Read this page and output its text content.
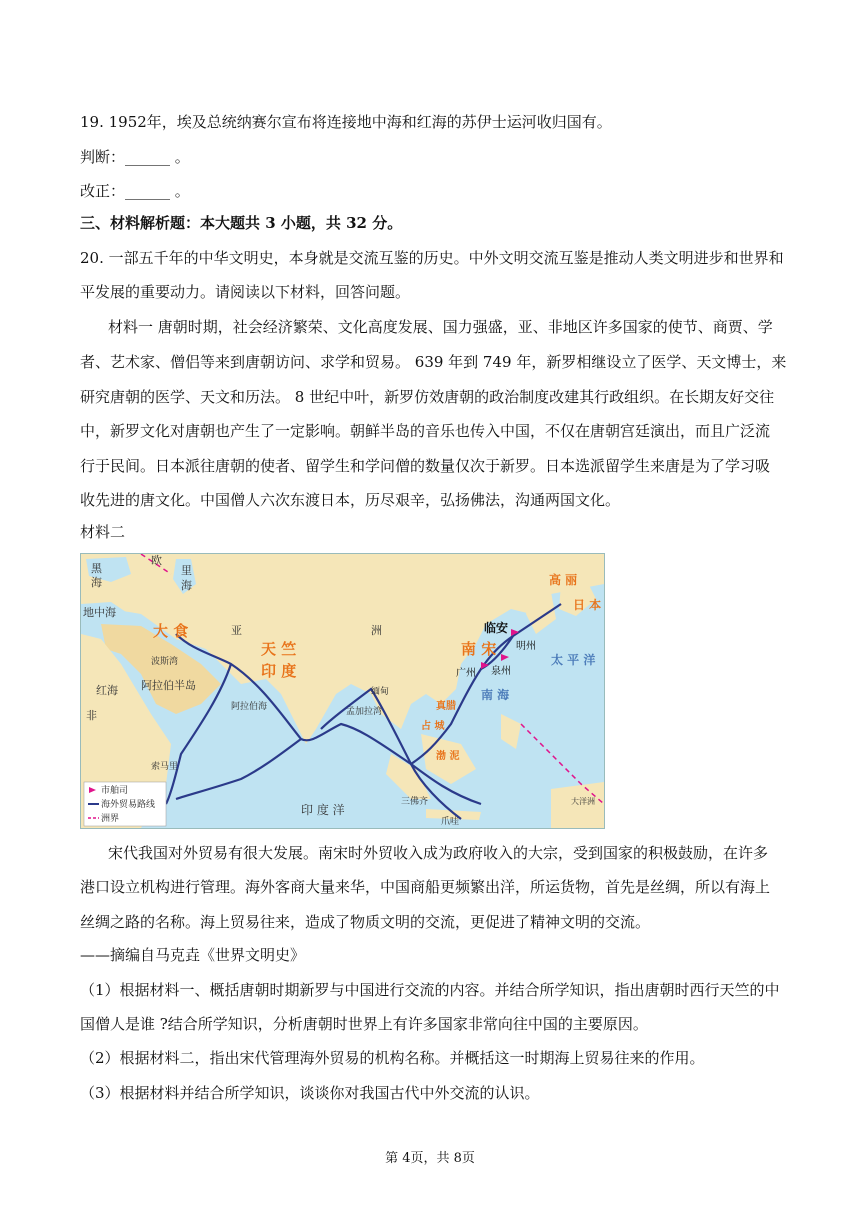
19. 1952年，埃及总统纳赛尔宣布将连接地中海和红海的苏伊士运河收归国有。
判断：______ 。
改正：______ 。
三、材料解析题：本大题共 3 小题，共 32 分。
20. 一部五千年的中华文明史，本身就是交流互鉴的历史。中外文明交流互鉴是推动人类文明进步和世界和
平发展的重要动力。请阅读以下材料，回答问题。
材料一 唐朝时期，社会经济繁荣、文化高度发展、国力强盛，亚、非地区许多国家的使节、商贾、学
者、艺术家、僧侣等来到唐朝访问、求学和贸易。 639 年到 749 年，新罗相继设立了医学、天文博士，来
研究唐朝的医学、天文和历法。 8 世纪中叶，新罗仿效唐朝的政治制度改建其行政组织。在长期友好交往
中，新罗文化对唐朝也产生了一定影响。朝鲜半岛的音乐也传入中国，不仅在唐朝宫廷演出，而且广泛流
行于民间。日本派往唐朝的使者、留学生和学问僧的数量仅次于新罗。日本选派留学生来唐是为了学习吸
收先进的唐文化。中国僧人六次东渡日本，历尽艰辛，弘扬佛法，沟通两国文化。
材料二
黑
海
欧
里
海
地中海
亚	洲
波斯湾
阿拉伯半岛
阿拉伯海
红海
非
索马里
孟加拉湾
缅甸
临安
明州
广州 泉州
印 度 洋
三佛齐
爪哇
大洋洲
大 食
天 竺
印 度
南 宋
高 丽
日 本
南 海
太 平 洋
渤 泥
占 城
真腊
市舶司
海外贸易路线
洲界
宋代我国对外贸易有很大发展。南宋时外贸收入成为政府收入的大宗，受到国家的积极鼓励，在许多
港口设立机构进行管理。海外客商大量来华，中国商船更频繁出洋，所运货物，首先是丝绸，所以有海上
丝绸之路的名称。海上贸易往来，造成了物质文明的交流，更促进了精神文明的交流。
——摘编自马克垚《世界文明史》
（1）根据材料一、概括唐朝时期新罗与中国进行交流的内容。并结合所学知识，指出唐朝时西行天竺的中
国僧人是谁 ?结合所学知识，分析唐朝时世界上有许多国家非常向往中国的主要原因。
（2）根据材料二，指出宋代管理海外贸易的机构名称。并概括这一时期海上贸易往来的作用。
（3）根据材料并结合所学知识，谈谈你对我国古代中外交流的认识。
第 4页，共 8页
